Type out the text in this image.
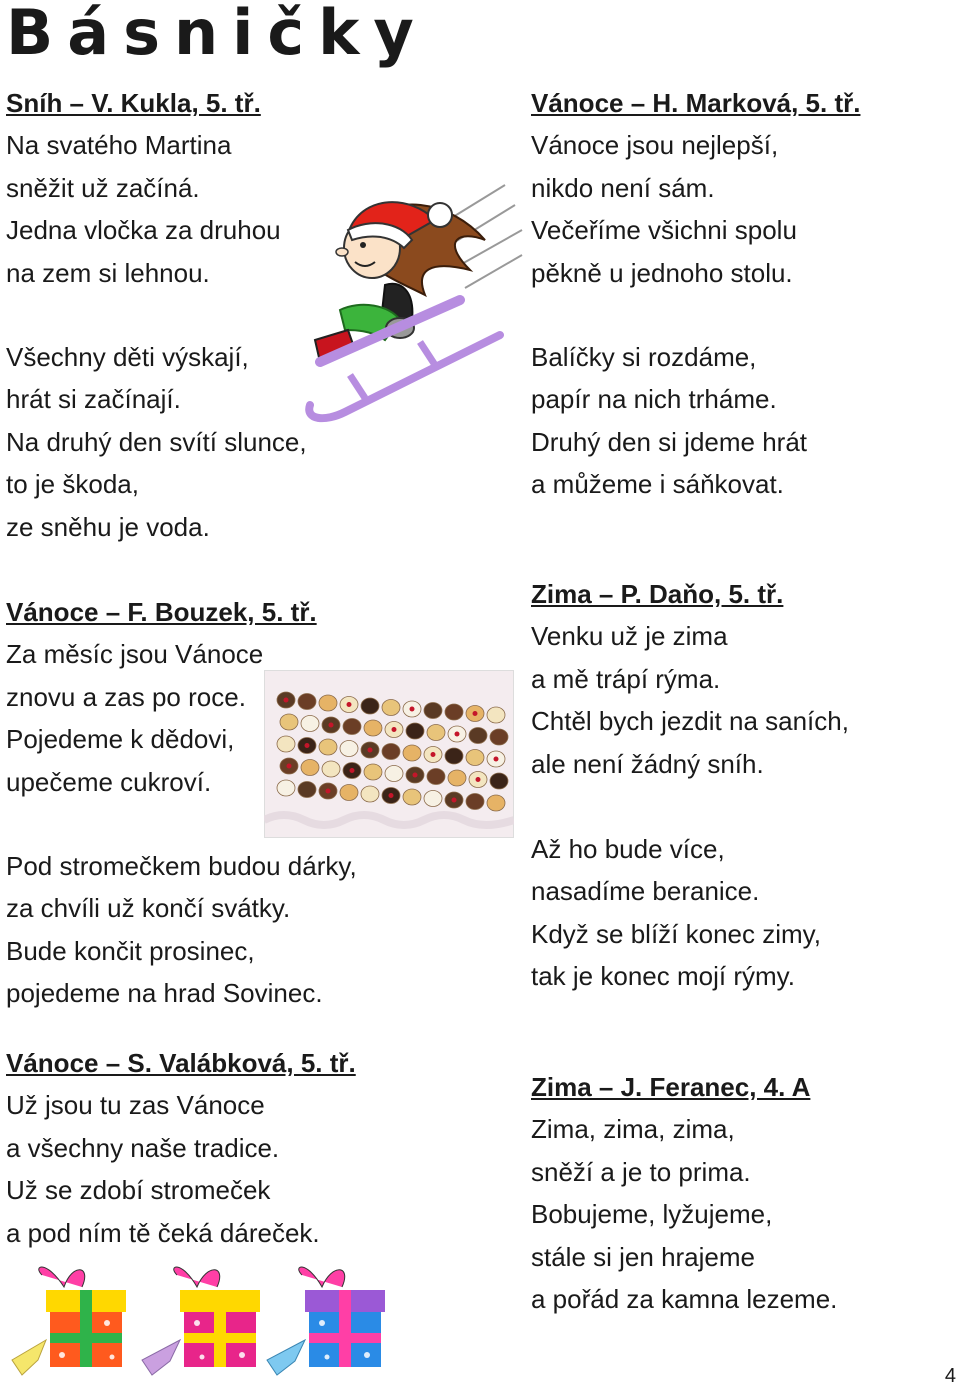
Básničky
Sníh – V. Kukla, 5. tř.
Na svatého Martina
sněžit už začíná.
Jedna vločka za druhou
na zem si lehnou.
Všechny děti výskají,
hrát si začínají.
Na druhý den svítí slunce,
to je škoda,
ze sněhu je voda.
Vánoce – F. Bouzek, 5. tř.
Za měsíc jsou Vánoce
znovu a zas po roce.
Pojedeme k dědovi,
upečeme cukroví.
Pod stromečkem budou dárky,
za chvíli už končí svátky.
Bude končit prosinec,
pojedeme na hrad Sovinec.
Vánoce – S. Valábková, 5. tř.
Už jsou tu zas Vánoce
a všechny naše tradice.
Už se zdobí stromeček
a pod ním tě čeká dáreček.
Vánoce – H. Marková, 5. tř.
Vánoce jsou nejlepší,
nikdo není sám.
Večeříme všichni spolu
pěkně u jednoho stolu.
Balíčky si rozdáme,
papír na nich trháme.
Druhý den si jdeme hrát
a můžeme i sáňkovat.
Zima – P. Daňo, 5. tř.
Venku už je zima
a mě trápí rýma.
Chtěl bych jezdit na saních,
ale není žádný sníh.
Až ho bude více,
nasadíme beranice.
Když se blíží konec zimy,
tak je konec mojí rýmy.
Zima – J. Feranec, 4. A
Zima, zima, zima,
sněží a je to prima.
Bobujeme, lyžujeme,
stále si jen hrajeme
a pořád za kamna lezeme.
4
